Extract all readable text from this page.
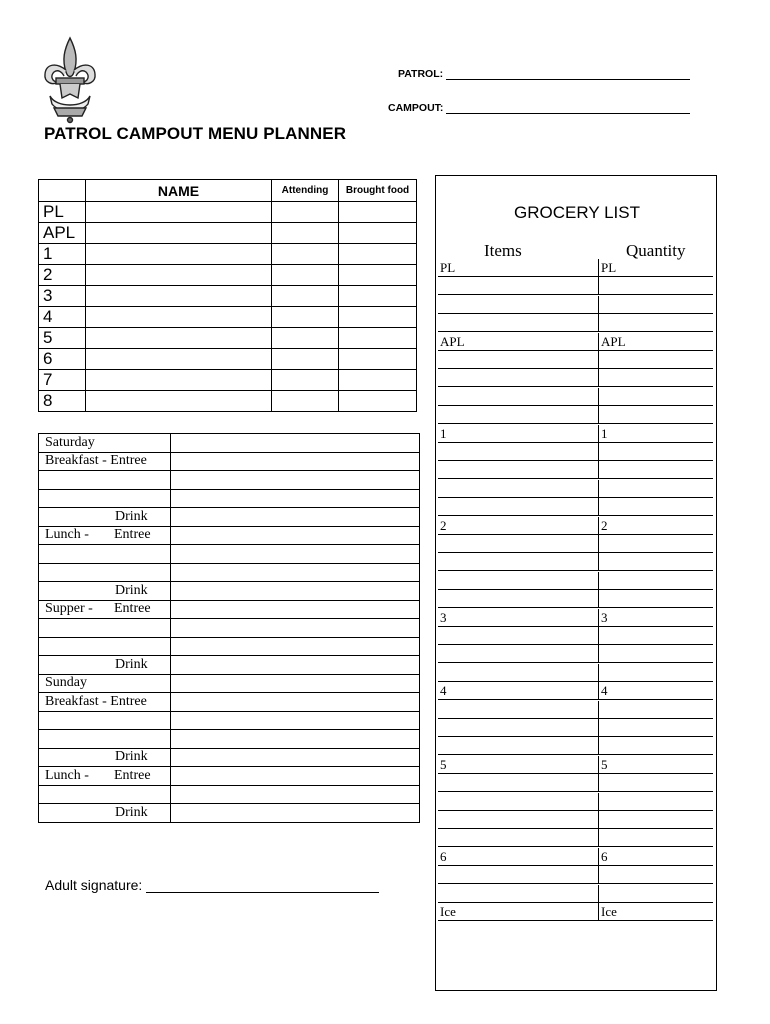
PATROL:
CAMPOUT:
PATROL CAMPOUT MENU PLANNER
	NAME	Attending	Brought food
PL			
APL			
1			
2			
3			
4			
5			
6			
7			
8			
Saturday	
Breakfast - Entree	

Drink	
Lunch - Entree	

Drink	
Supper - Entree	

Drink	
Sunday	
Breakfast - Entree	

Drink	
Lunch - Entree	

Drink	
Adult signature:
GROCERY LIST
Items	Quantity
PL	PL
APL	APL
1	1
2	2
3	3
4	4
5	5
6	6
Ice	Ice
